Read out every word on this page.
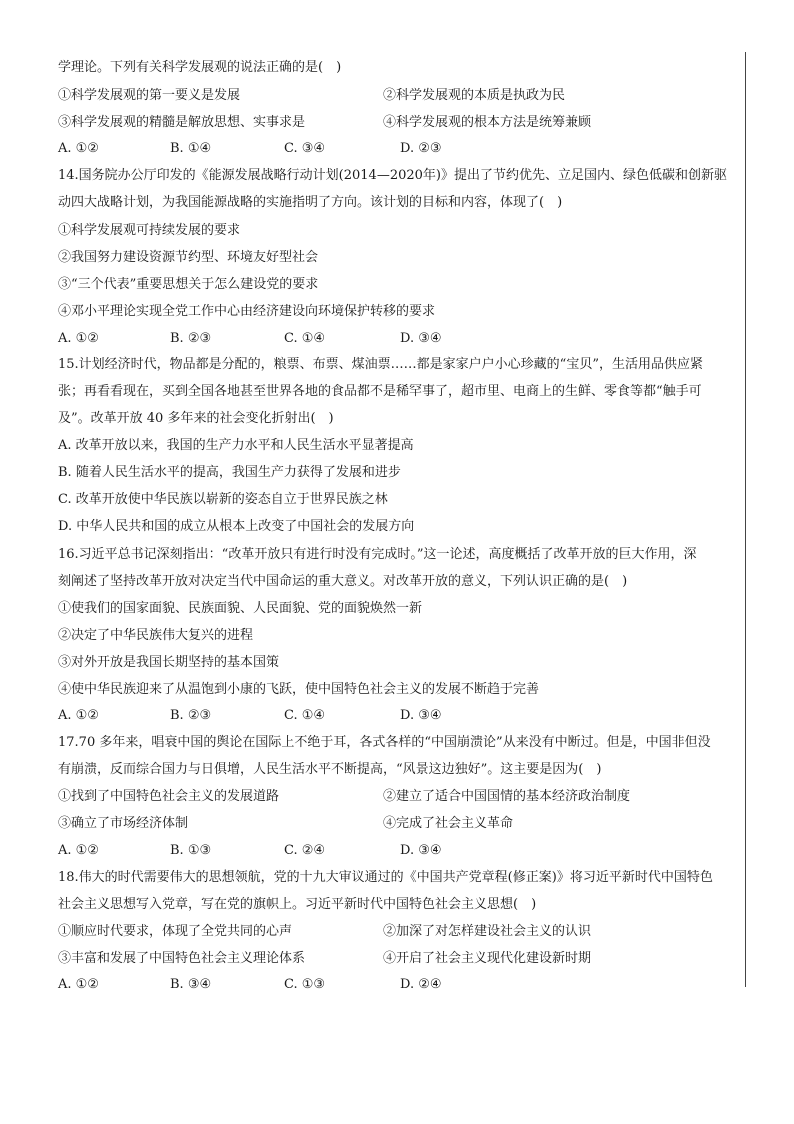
学理论。下列有关科学发展观的说法正确的是(　)
①科学发展观的第一要义是发展	②科学发展观的本质是执政为民
③科学发展观的精髓是解放思想、实事求是	④科学发展观的根本方法是统筹兼顾
A. ①②	B. ①④	C. ③④	D. ②③
14.国务院办公厅印发的《能源发展战略行动计划(2014—2020年)》提出了节约优先、立足国内、绿色低碳和创新驱
动四大战略计划，为我国能源战略的实施指明了方向。该计划的目标和内容，体现了(　)
①科学发展观可持续发展的要求
②我国努力建设资源节约型、环境友好型社会
③“三个代表”重要思想关于怎么建设党的要求
④邓小平理论实现全党工作中心由经济建设向环境保护转移的要求
A. ①②	B. ②③	C. ①④	D. ③④
15.计划经济时代，物品都是分配的，粮票、布票、煤油票……都是家家户户小心珍藏的“宝贝”，生活用品供应紧
张；再看看现在，买到全国各地甚至世界各地的食品都不是稀罕事了，超市里、电商上的生鲜、零食等都“触手可
及”。改革开放 40 多年来的社会变化折射出(　)
A. 改革开放以来，我国的生产力水平和人民生活水平显著提高
B. 随着人民生活水平的提高，我国生产力获得了发展和进步
C. 改革开放使中华民族以崭新的姿态自立于世界民族之林
D. 中华人民共和国的成立从根本上改变了中国社会的发展方向
16.习近平总书记深刻指出：“改革开放只有进行时没有完成时。”这一论述，高度概括了改革开放的巨大作用，深
刻阐述了坚持改革开放对决定当代中国命运的重大意义。对改革开放的意义，下列认识正确的是(　)
①使我们的国家面貌、民族面貌、人民面貌、党的面貌焕然一新
②决定了中华民族伟大复兴的进程
③对外开放是我国长期坚持的基本国策
④使中华民族迎来了从温饱到小康的飞跃，使中国特色社会主义的发展不断趋于完善
A. ①②	B. ②③	C. ①④	D. ③④
17.70 多年来，唱衰中国的舆论在国际上不绝于耳，各式各样的“中国崩溃论”从来没有中断过。但是，中国非但没
有崩溃，反而综合国力与日俱增，人民生活水平不断提高，“风景这边独好”。这主要是因为(　)
①找到了中国特色社会主义的发展道路	②建立了适合中国国情的基本经济政治制度
③确立了市场经济体制	④完成了社会主义革命
A. ①②	B. ①③	C. ②④	D. ③④
18.伟大的时代需要伟大的思想领航，党的十九大审议通过的《中国共产党章程(修正案)》将习近平新时代中国特色
社会主义思想写入党章，写在党的旗帜上。习近平新时代中国特色社会主义思想(　)
①顺应时代要求，体现了全党共同的心声	②加深了对怎样建设社会主义的认识
③丰富和发展了中国特色社会主义理论体系	④开启了社会主义现代化建设新时期
A. ①②	B. ③④	C. ①③	D. ②④
